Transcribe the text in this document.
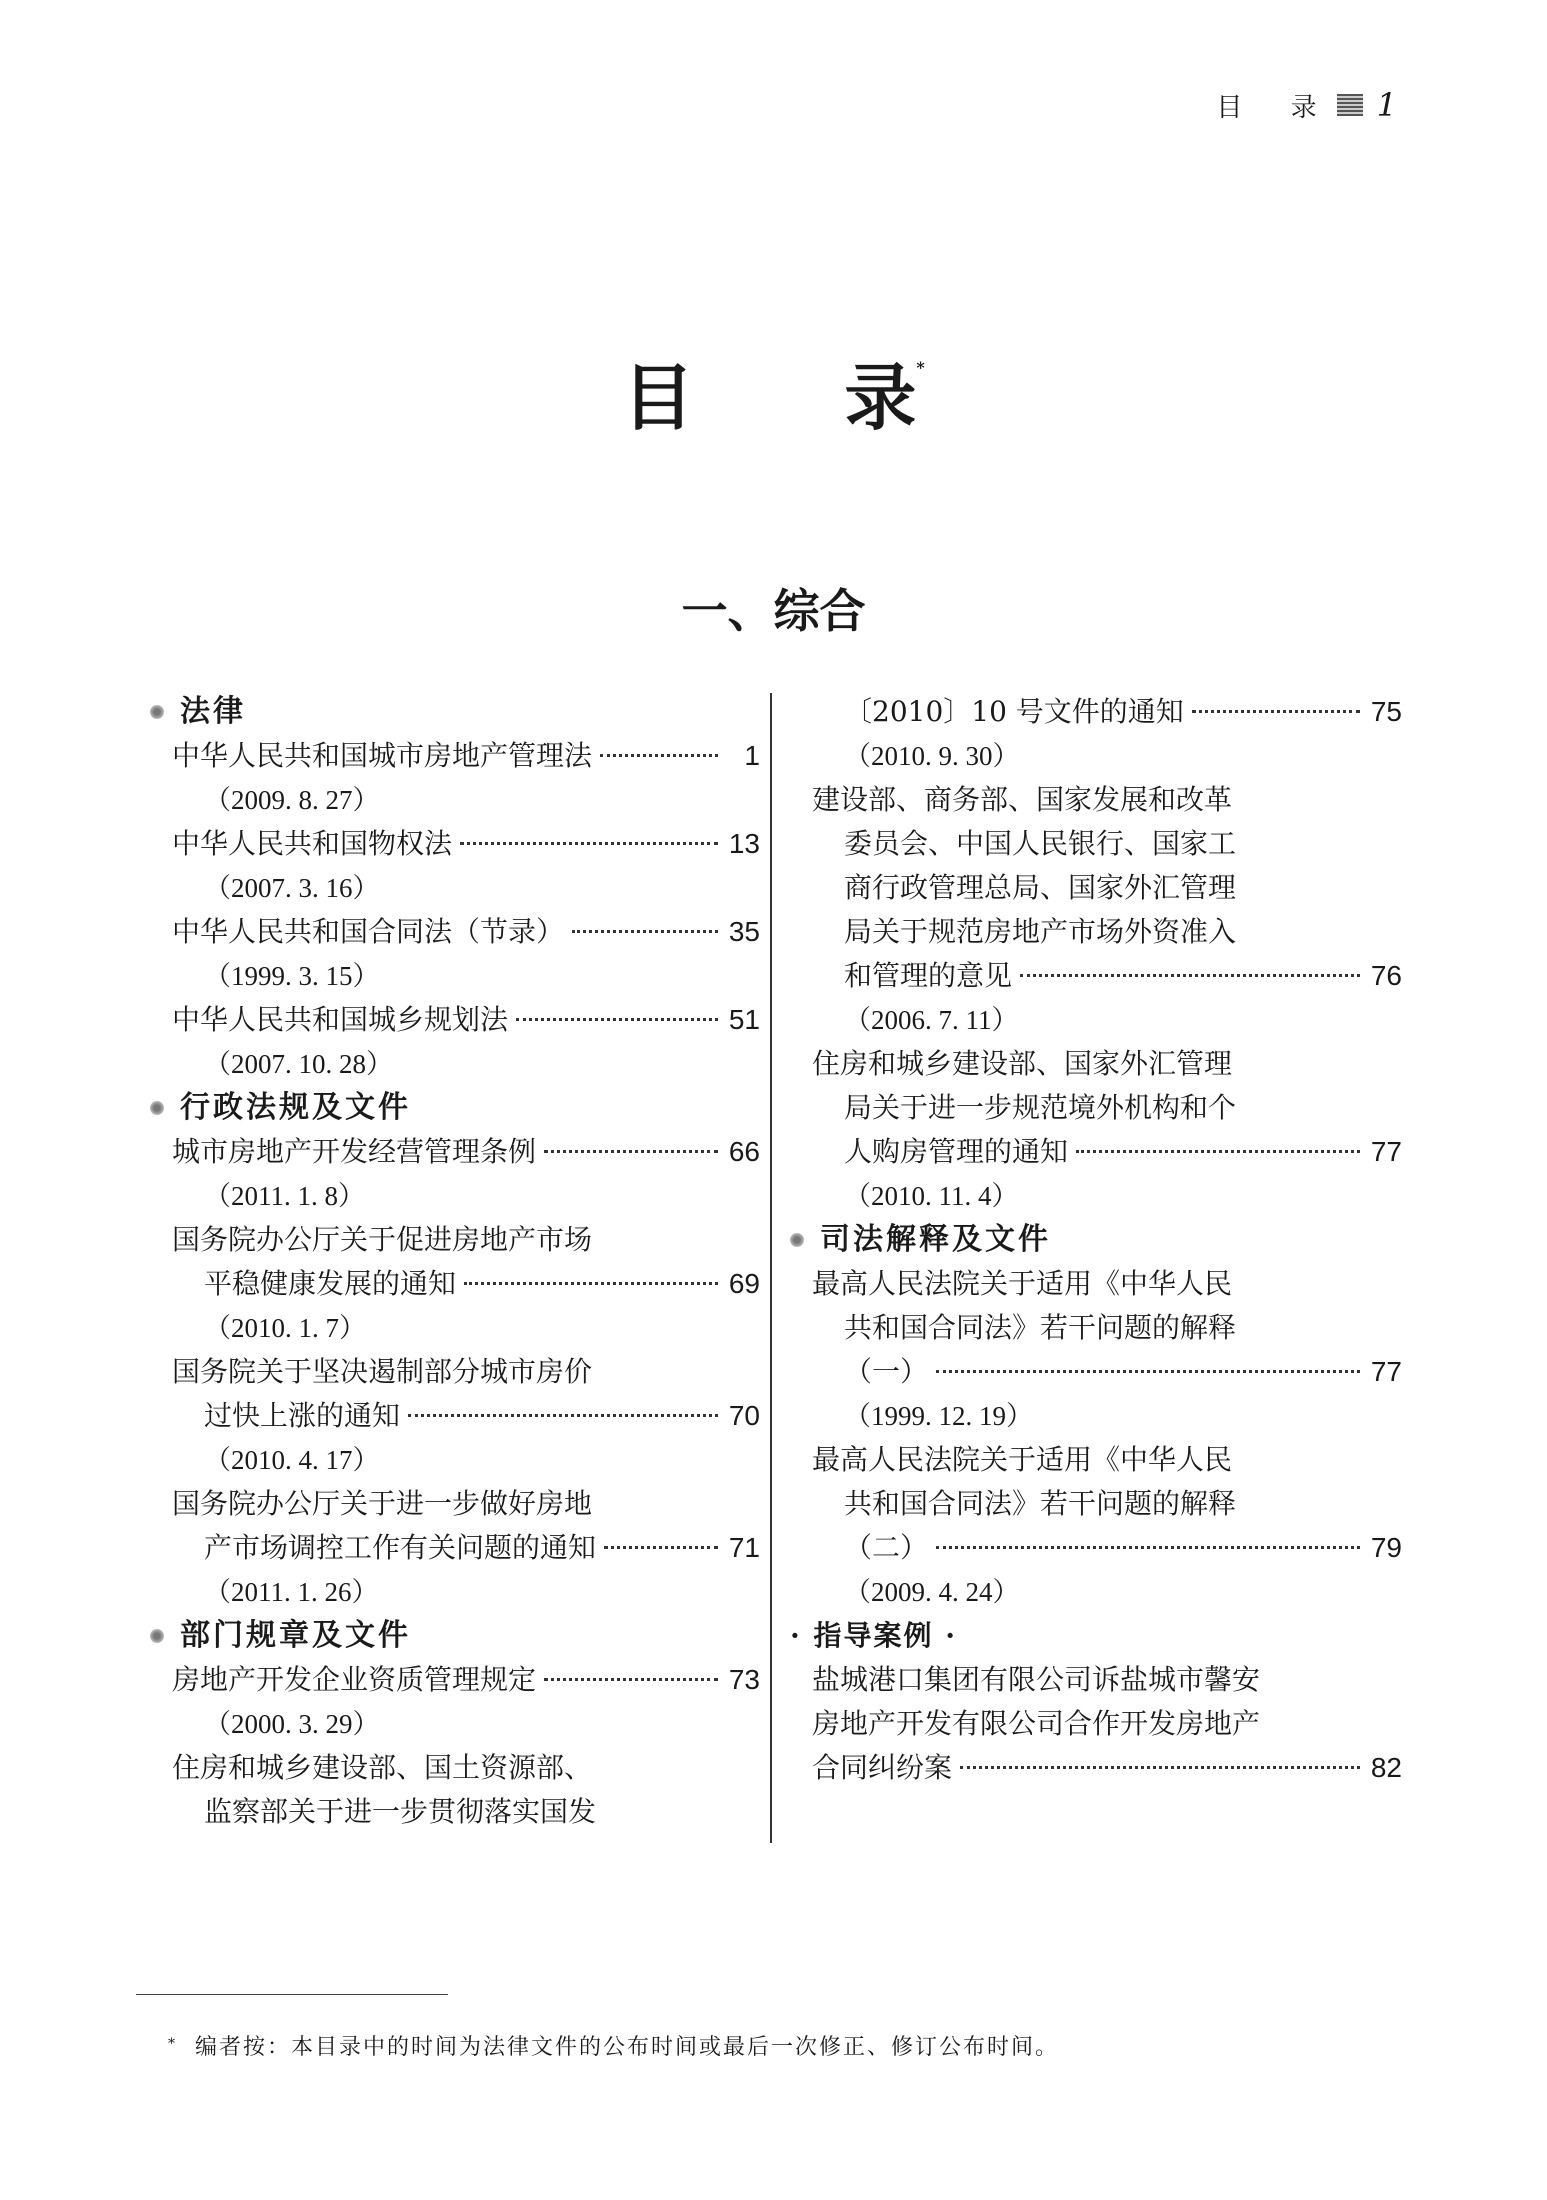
目 录 1
目 录*
一、综合
法律
中华人民共和国城市房地产管理法	1
（2009. 8. 27）
中华人民共和国物权法	13
（2007. 3. 16）
中华人民共和国合同法（节录）	35
（1999. 3. 15）
中华人民共和国城乡规划法	51
（2007. 10. 28）
行政法规及文件
城市房地产开发经营管理条例	66
（2011. 1. 8）
国务院办公厅关于促进房地产市场
平稳健康发展的通知	69
（2010. 1. 7）
国务院关于坚决遏制部分城市房价
过快上涨的通知	70
（2010. 4. 17）
国务院办公厅关于进一步做好房地
产市场调控工作有关问题的通知	71
（2011. 1. 26）
部门规章及文件
房地产开发企业资质管理规定	73
（2000. 3. 29）
住房和城乡建设部、国土资源部、
监察部关于进一步贯彻落实国发
〔2010〕10 号文件的通知	75
（2010. 9. 30）
建设部、商务部、国家发展和改革
委员会、中国人民银行、国家工
商行政管理总局、国家外汇管理
局关于规范房地产市场外资准入
和管理的意见	76
（2006. 7. 11）
住房和城乡建设部、国家外汇管理
局关于进一步规范境外机构和个
人购房管理的通知	77
（2010. 11. 4）
司法解释及文件
最高人民法院关于适用《中华人民
共和国合同法》若干问题的解释
（一）	77
（1999. 12. 19）
最高人民法院关于适用《中华人民
共和国合同法》若干问题的解释
（二）	79
（2009. 4. 24）
· 指导案例 ·
盐城港口集团有限公司诉盐城市馨安
房地产开发有限公司合作开发房地产
合同纠纷案	82
* 编者按：本目录中的时间为法律文件的公布时间或最后一次修正、修订公布时间。
